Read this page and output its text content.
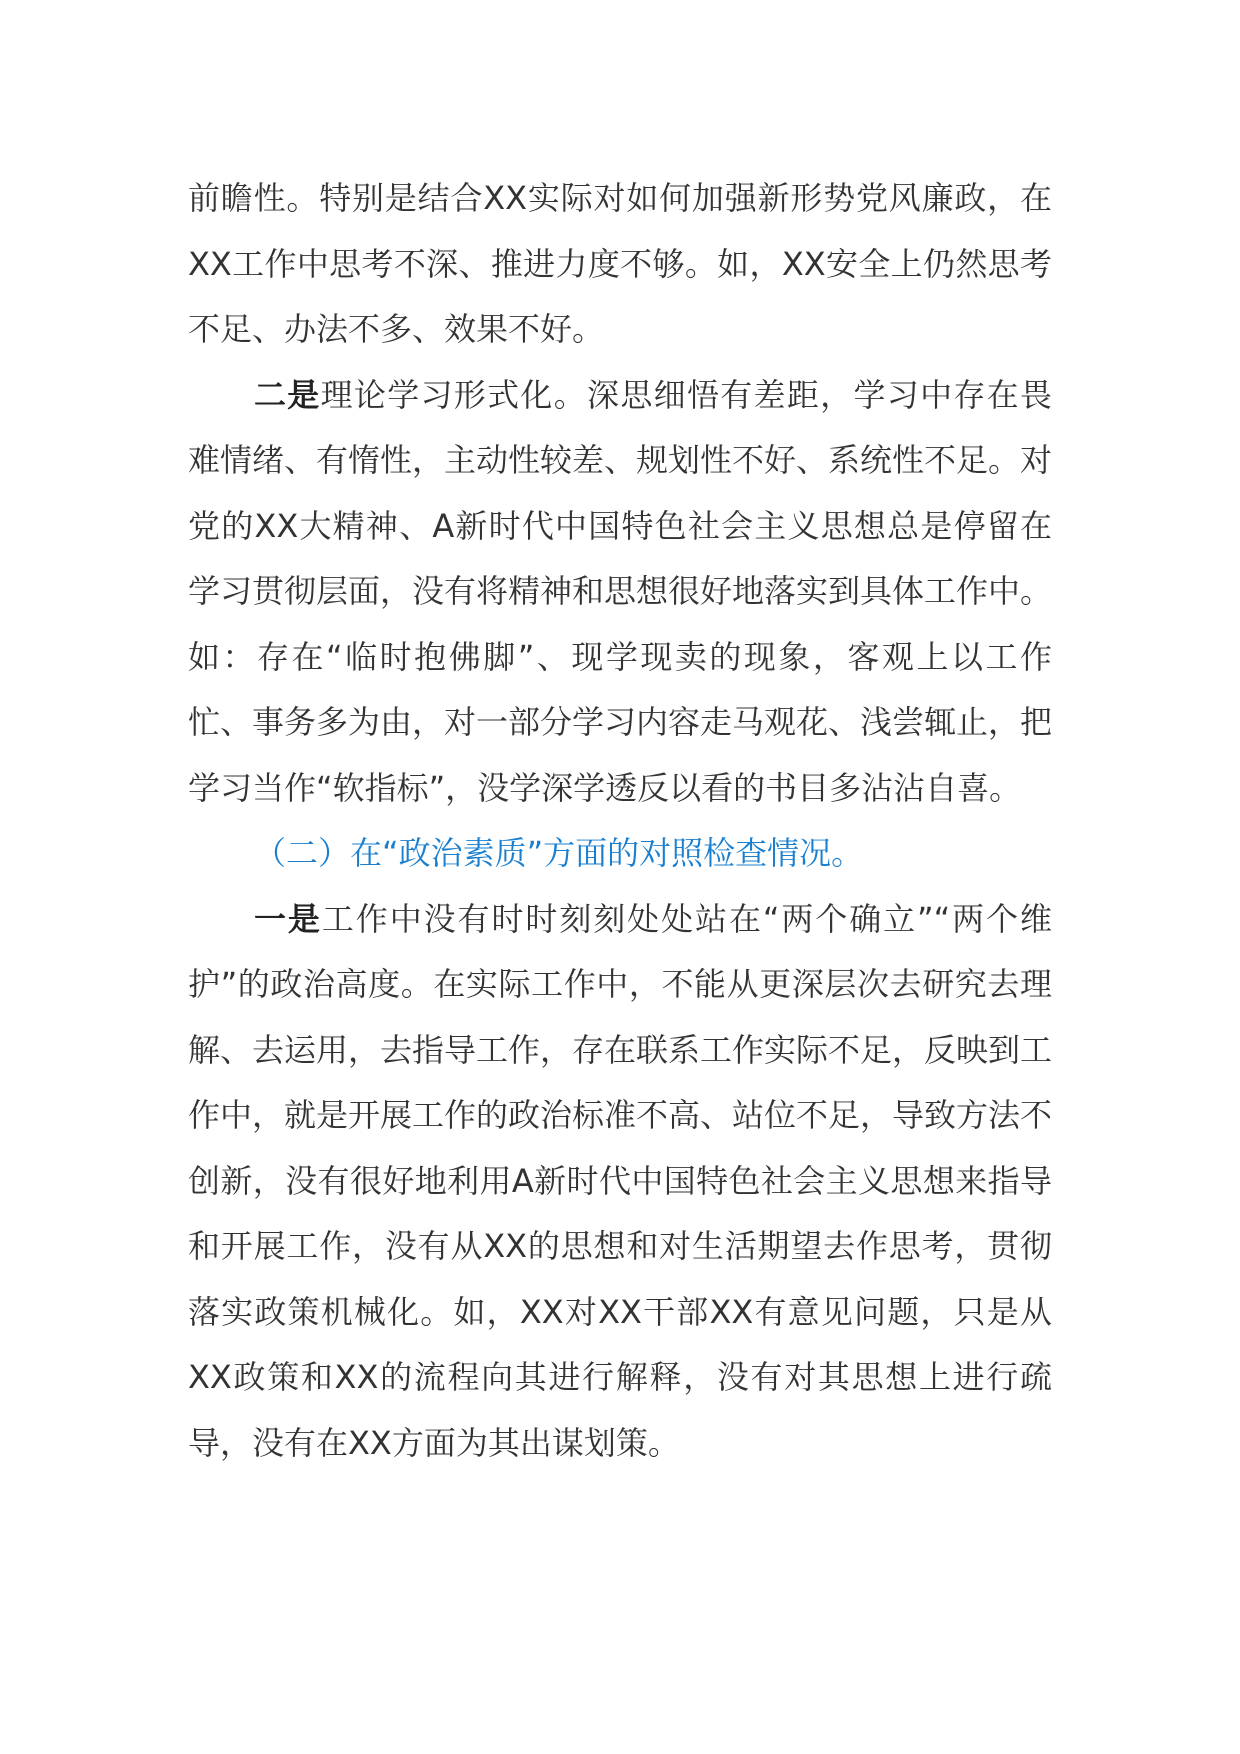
前瞻性。特别是结合XX实际对如何加强新形势党风廉政，在XX工作中思考不深、推进力度不够。如，XX安全上仍然思考不足、办法不多、效果不好。

二是理论学习形式化。深思细悟有差距，学习中存在畏难情绪、有惰性，主动性较差、规划性不好、系统性不足。对党的XX大精神、A新时代中国特色社会主义思想总是停留在学习贯彻层面，没有将精神和思想很好地落实到具体工作中。如：存在“临时抱佛脚”、现学现卖的现象，客观上以工作忙、事务多为由，对一部分学习内容走马观花、浅尝辄止，把学习当作“软指标”，没学深学透反以看的书目多沾沾自喜。

（二）在“政治素质”方面的对照检查情况。

一是工作中没有时时刻刻处处站在“两个确立”“两个维护”的政治高度。在实际工作中，不能从更深层次去研究去理解、去运用，去指导工作，存在联系工作实际不足，反映到工作中，就是开展工作的政治标准不高、站位不足，导致方法不创新，没有很好地利用A新时代中国特色社会主义思想来指导和开展工作，没有从XX的思想和对生活期望去作思考，贯彻落实政策机械化。如，XX对XX干部XX有意见问题，只是从XX政策和XX的流程向其进行解释，没有对其思想上进行疏导，没有在XX方面为其出谋划策。
